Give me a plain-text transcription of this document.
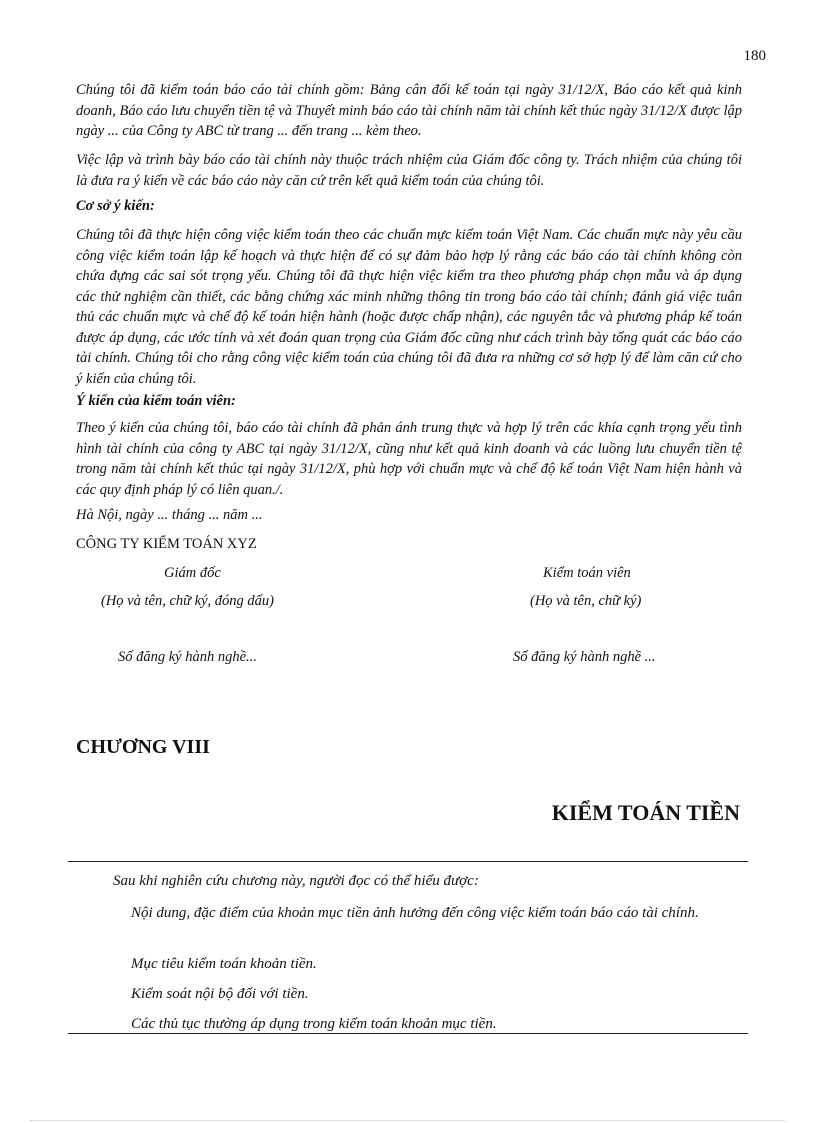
180

Chúng tôi đã kiểm toán báo cáo tài chính gồm: Bảng cân đối kế toán tại ngày 31/12/X, Báo cáo kết quả kinh doanh, Báo cáo lưu chuyển tiền tệ và Thuyết minh báo cáo tài chính năm tài chính kết thúc ngày 31/12/X được lập ngày ... của Công ty ABC từ trang ... đến trang ... kèm theo.

Việc lập và trình bày báo cáo tài chính này thuộc trách nhiệm của Giám đốc công ty. Trách nhiệm của chúng tôi là đưa ra ý kiến về các báo cáo này căn cứ trên kết quả kiểm toán của chúng tôi.

Cơ sở ý kiến:

Chúng tôi đã thực hiện công việc kiểm toán theo các chuẩn mực kiểm toán Việt Nam. Các chuẩn mực này yêu cầu công việc kiểm toán lập kế hoạch và thực hiện để có sự đảm bảo hợp lý rằng các báo cáo tài chính không còn chứa đựng các sai sót trọng yếu. Chúng tôi đã thực hiện việc kiểm tra theo phương pháp chọn mẫu và áp dụng các thử nghiệm cần thiết, các bằng chứng xác minh những thông tin trong báo cáo tài chính; đánh giá việc tuân thủ các chuẩn mực và chế độ kế toán hiện hành (hoặc được chấp nhận), các nguyên tắc và phương pháp kế toán được áp dụng, các ước tính và xét đoán quan trọng của Giám đốc cũng như cách trình bày tổng quát các báo cáo tài chính. Chúng tôi cho rằng công việc kiểm toán của chúng tôi đã đưa ra những cơ sở hợp lý để làm căn cứ cho ý kiến của chúng tôi.

Ý kiến của kiểm toán viên:

Theo ý kiến của chúng tôi, báo cáo tài chính đã phản ánh trung thực và hợp lý trên các khía cạnh trọng yếu tình hình tài chính của công ty ABC tại ngày 31/12/X, cũng như kết quả kinh doanh và các luồng lưu chuyển tiền tệ trong năm tài chính kết thúc tại ngày 31/12/X, phù hợp với chuẩn mực và chế độ kế toán Việt Nam hiện hành và các quy định pháp lý có liên quan./.

Hà Nội, ngày ... tháng ... năm ...

CÔNG TY KIỂM TOÁN XYZ

Giám đốc

(Họ và tên, chữ ký, đóng dấu)

Số đăng ký hành nghề...

Kiểm toán viên

(Họ và tên, chữ ký)

Số đăng ký hành nghề ...

CHƯƠNG VIII
KIỂM TOÁN TIỀN

Sau khi nghiên cứu chương này, người đọc có thể hiểu được:

Nội dung, đặc điểm của khoản mục tiền ảnh hưởng đến công việc kiểm toán báo cáo tài chính.

Mục tiêu kiểm toán khoản tiền.

Kiểm soát nội bộ đối với tiền.

Các thủ tục thường áp dụng trong kiểm toán khoản mục tiền.
